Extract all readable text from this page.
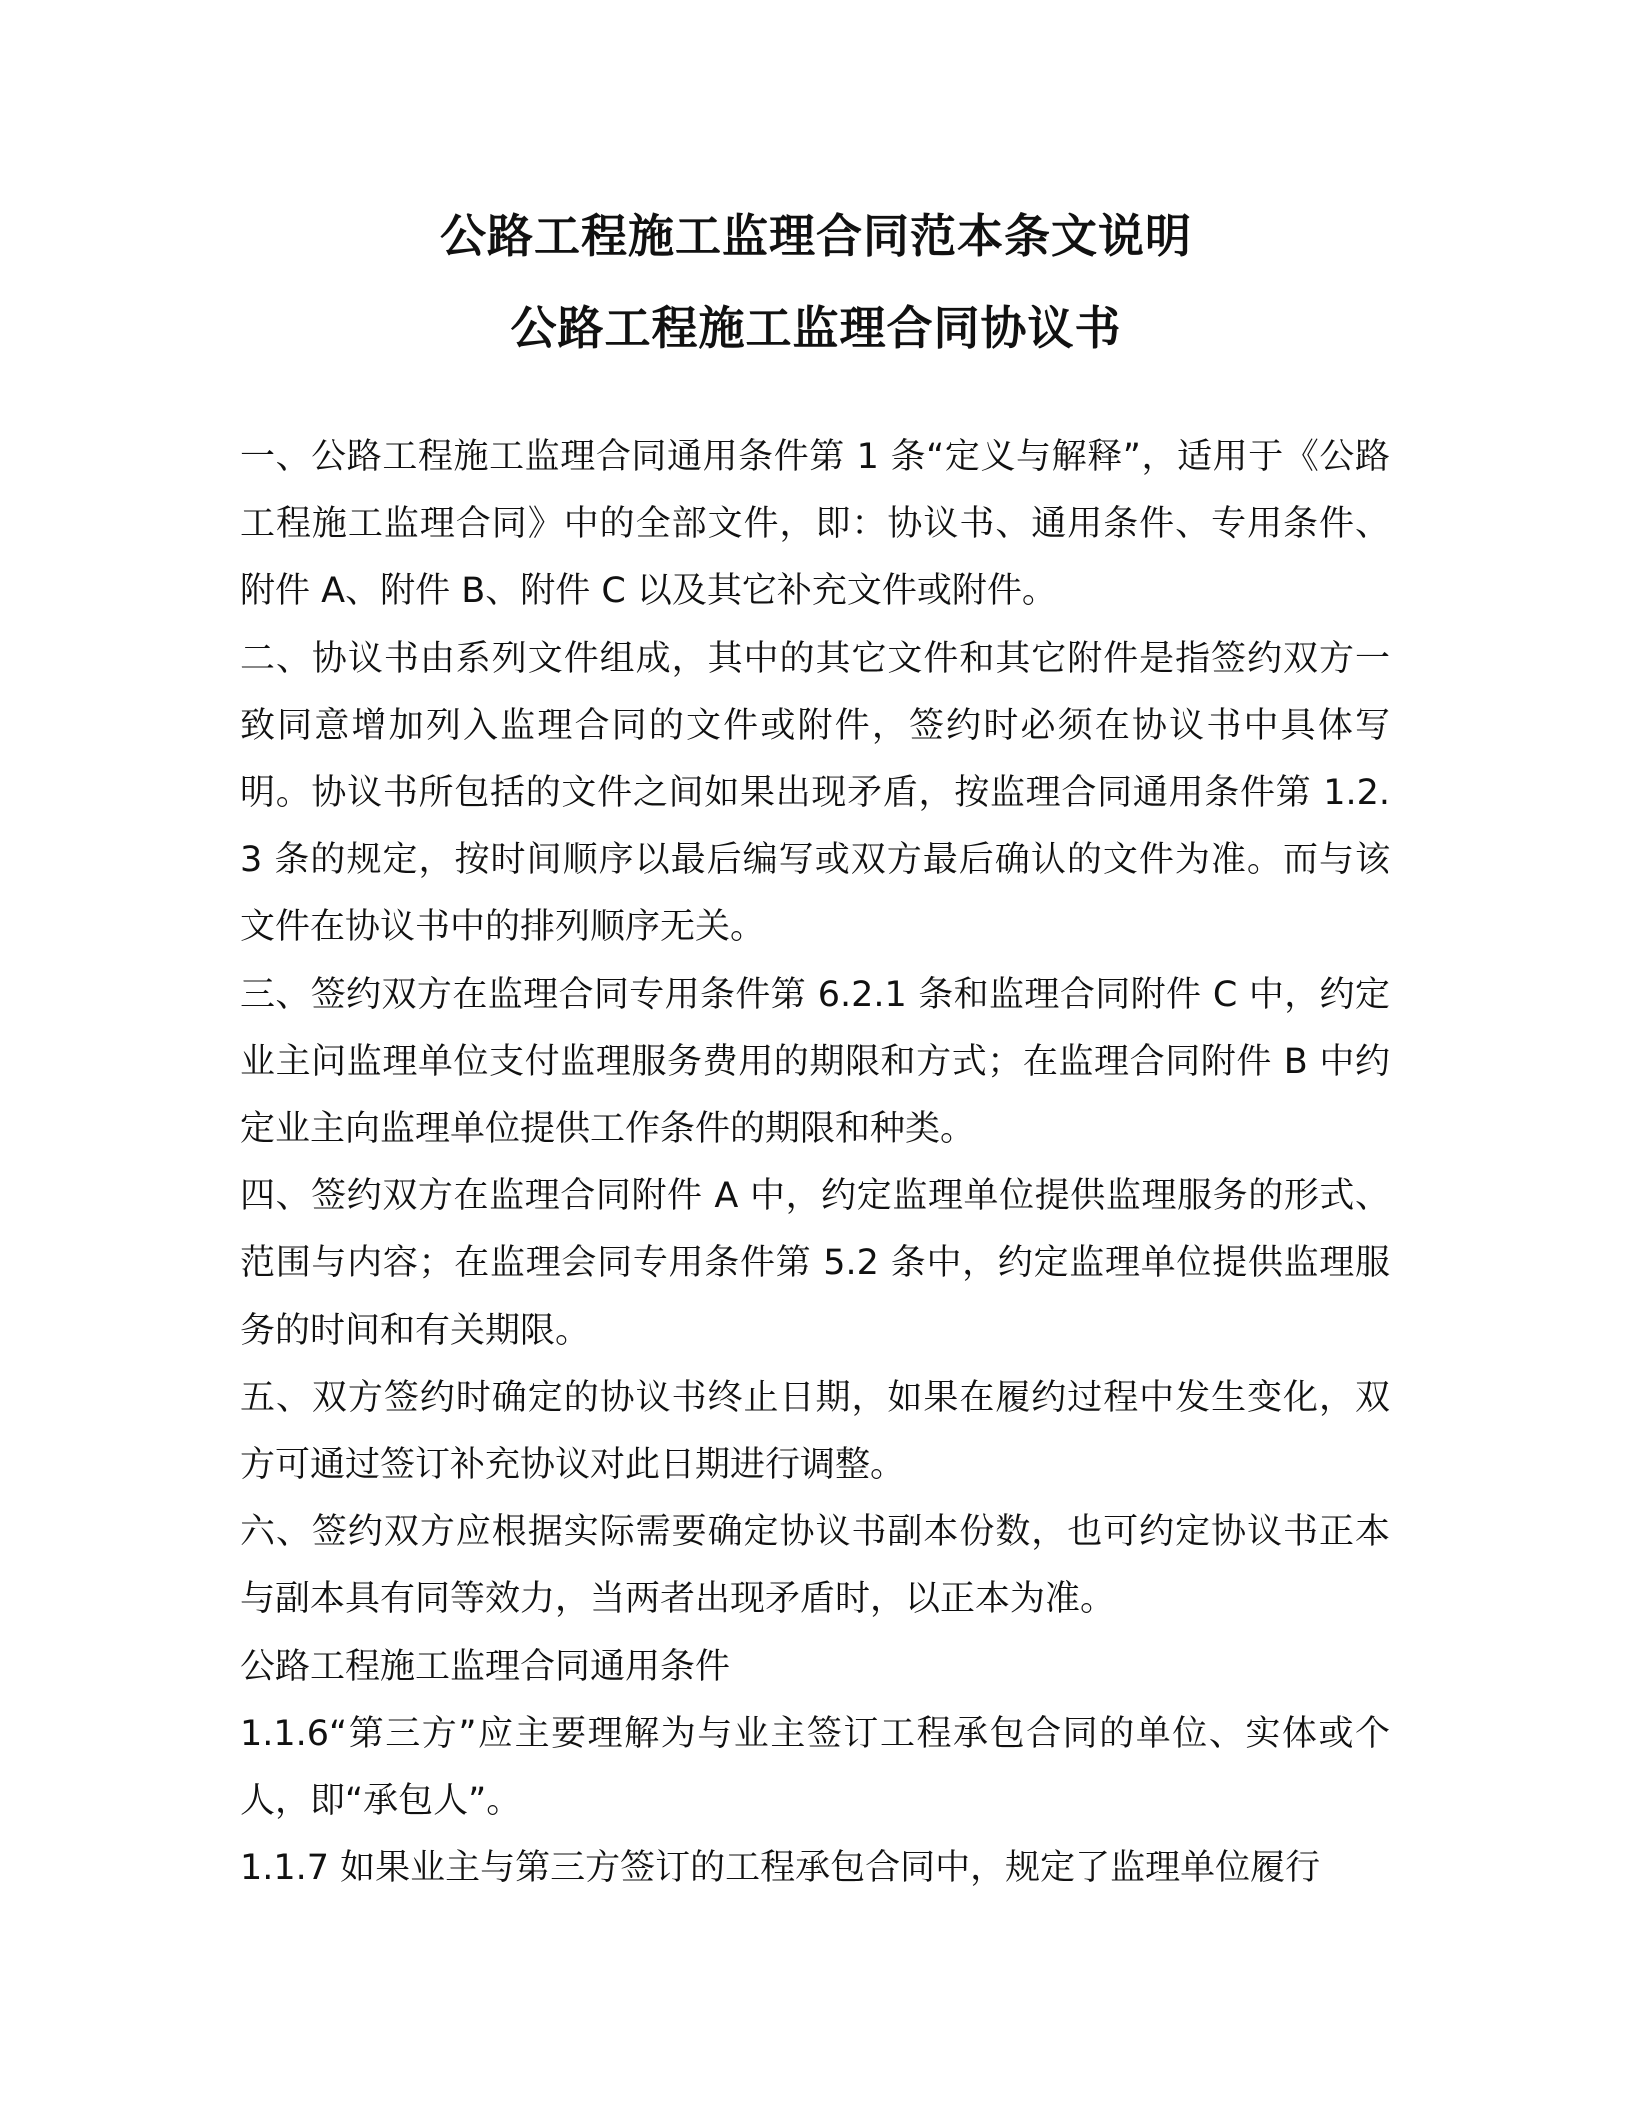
公路工程施工监理合同范本条文说明
公路工程施工监理合同协议书

一、公路工程施工监理合同通用条件第 1 条“定义与解释”，适用于《公路工程施工监理合同》中的全部文件，即：协议书、通用条件、专用条件、附件 A、附件 B、附件 C 以及其它补充文件或附件。

二、协议书由系列文件组成，其中的其它文件和其它附件是指签约双方一致同意增加列入监理合同的文件或附件，签约时必须在协议书中具体写明。协议书所包括的文件之间如果出现矛盾，按监理合同通用条件第 1.2.3 条的规定，按时间顺序以最后编写或双方最后确认的文件为准。而与该文件在协议书中的排列顺序无关。

三、签约双方在监理合同专用条件第 6.2.1 条和监理合同附件 C 中，约定业主问监理单位支付监理服务费用的期限和方式；在监理合同附件 B 中约定业主向监理单位提供工作条件的期限和种类。

四、签约双方在监理合同附件 A 中，约定监理单位提供监理服务的形式、范围与内容；在监理会同专用条件第 5.2 条中，约定监理单位提供监理服务的时间和有关期限。

五、双方签约时确定的协议书终止日期，如果在履约过程中发生变化，双方可通过签订补充协议对此日期进行调整。

六、签约双方应根据实际需要确定协议书副本份数，也可约定协议书正本与副本具有同等效力，当两者出现矛盾时，以正本为准。

公路工程施工监理合同通用条件

1.1.6“第三方”应主要理解为与业主签订工程承包合同的单位、实体或个人，即“承包人”。

1.1.7 如果业主与第三方签订的工程承包合同中，规定了监理单位履行
